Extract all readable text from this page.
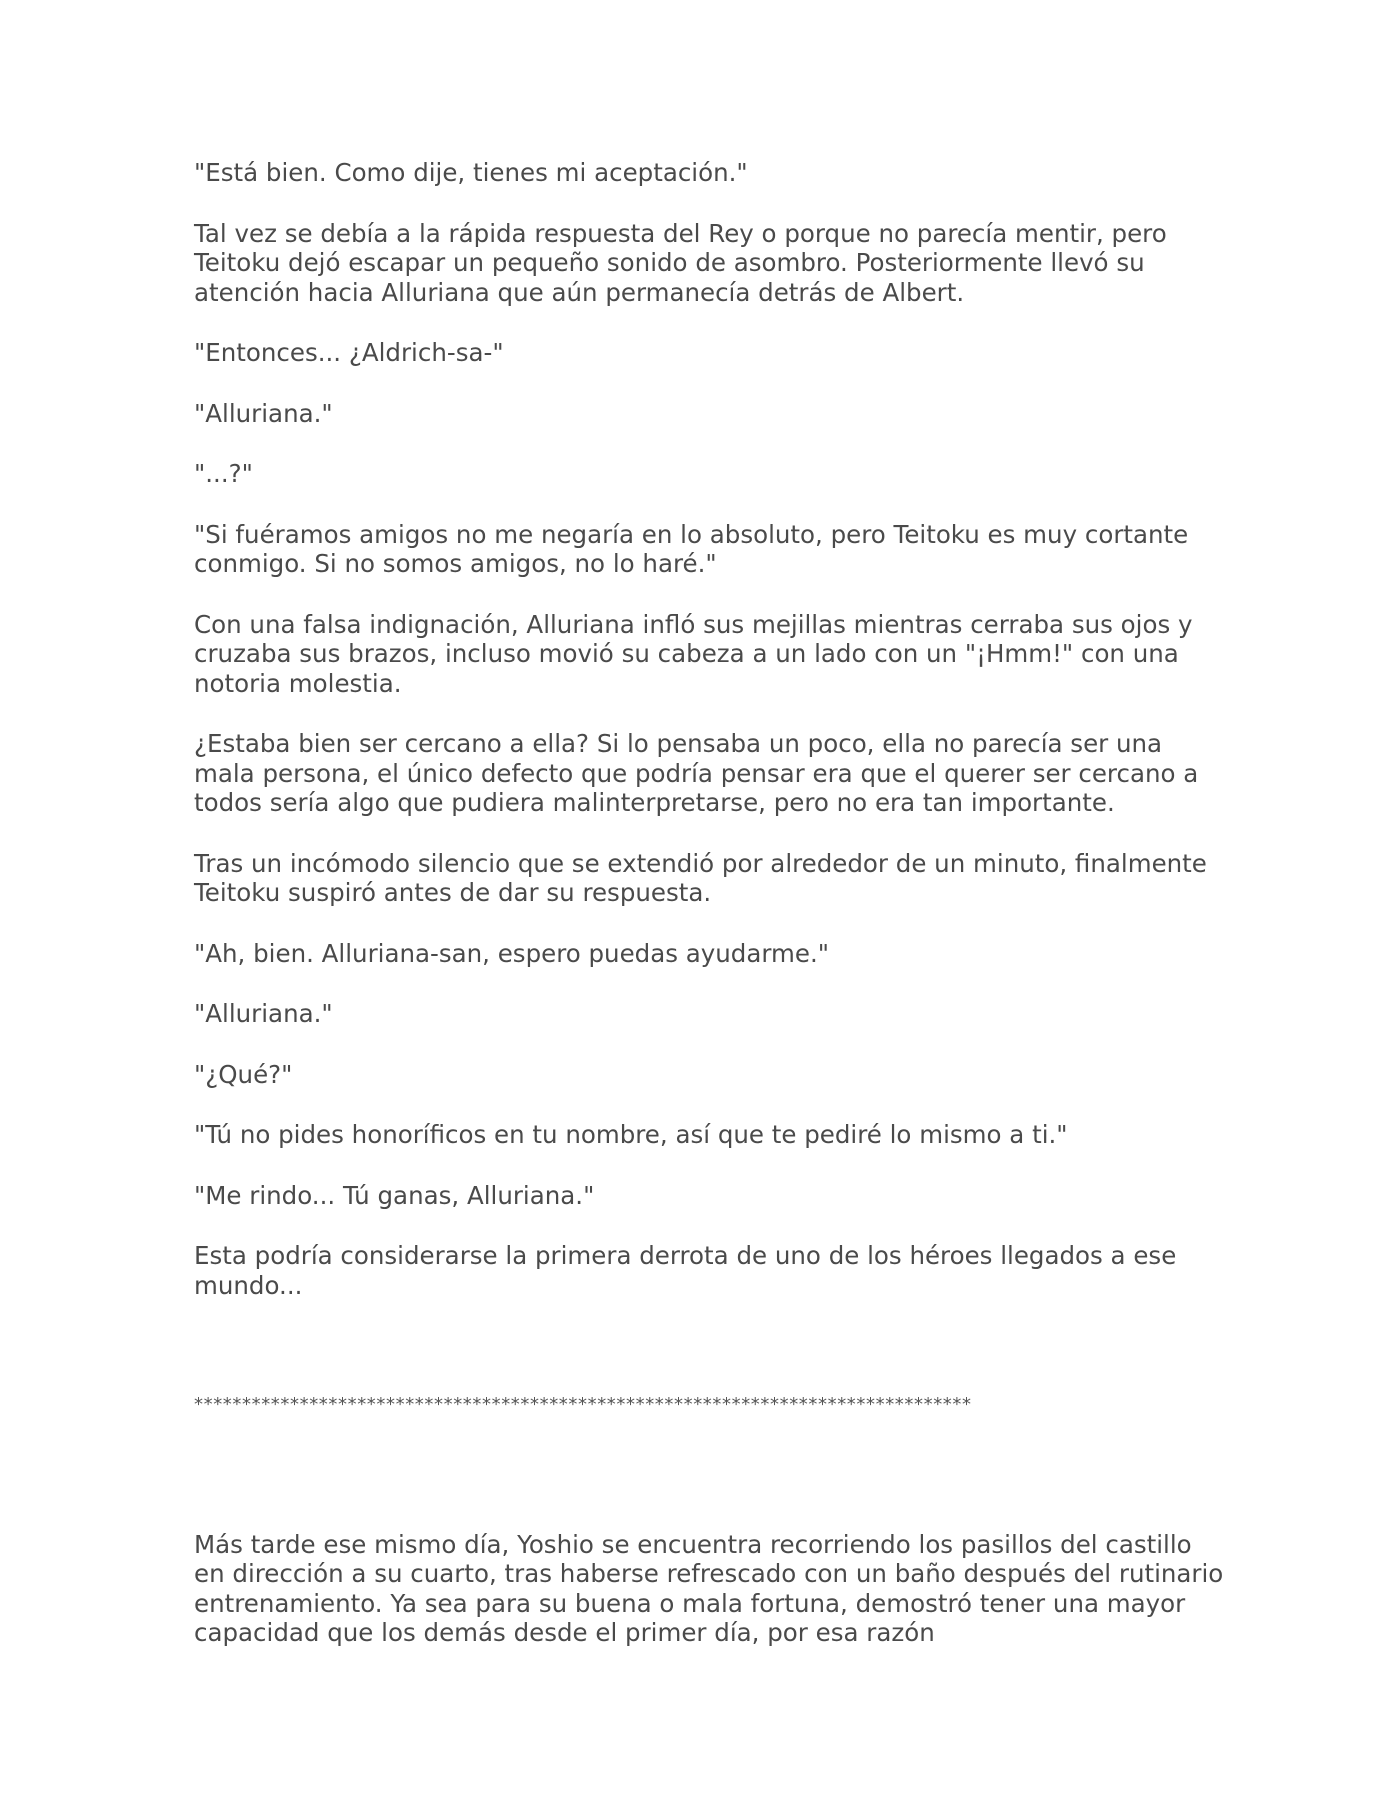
"Está bien. Como dije, tienes mi aceptación."

Tal vez se debía a la rápida respuesta del Rey o porque no parecía mentir, pero Teitoku dejó escapar un pequeño sonido de asombro. Posteriormente llevó su atención hacia Alluriana que aún permanecía detrás de Albert.

"Entonces... ¿Aldrich-sa-"

"Alluriana."

"...?"

"Si fuéramos amigos no me negaría en lo absoluto, pero Teitoku es muy cortante conmigo. Si no somos amigos, no lo haré."

Con una falsa indignación, Alluriana infló sus mejillas mientras cerraba sus ojos y cruzaba sus brazos, incluso movió su cabeza a un lado con un "¡Hmm!" con una notoria molestia.

¿Estaba bien ser cercano a ella? Si lo pensaba un poco, ella no parecía ser una mala persona, el único defecto que podría pensar era que el querer ser cercano a todos sería algo que pudiera malinterpretarse, pero no era tan importante.

Tras un incómodo silencio que se extendió por alrededor de un minuto, finalmente Teitoku suspiró antes de dar su respuesta.

"Ah, bien. Alluriana-san, espero puedas ayudarme."

"Alluriana."

"¿Qué?"

"Tú no pides honoríficos en tu nombre, así que te pediré lo mismo a ti."

"Me rindo... Tú ganas, Alluriana."

Esta podría considerarse la primera derrota de uno de los héroes llegados a ese mundo...

*********************************************************************************

Más tarde ese mismo día, Yoshio se encuentra recorriendo los pasillos del castillo en dirección a su cuarto, tras haberse refrescado con un baño después del rutinario entrenamiento. Ya sea para su buena o mala fortuna, demostró tener una mayor capacidad que los demás desde el primer día, por esa razón
